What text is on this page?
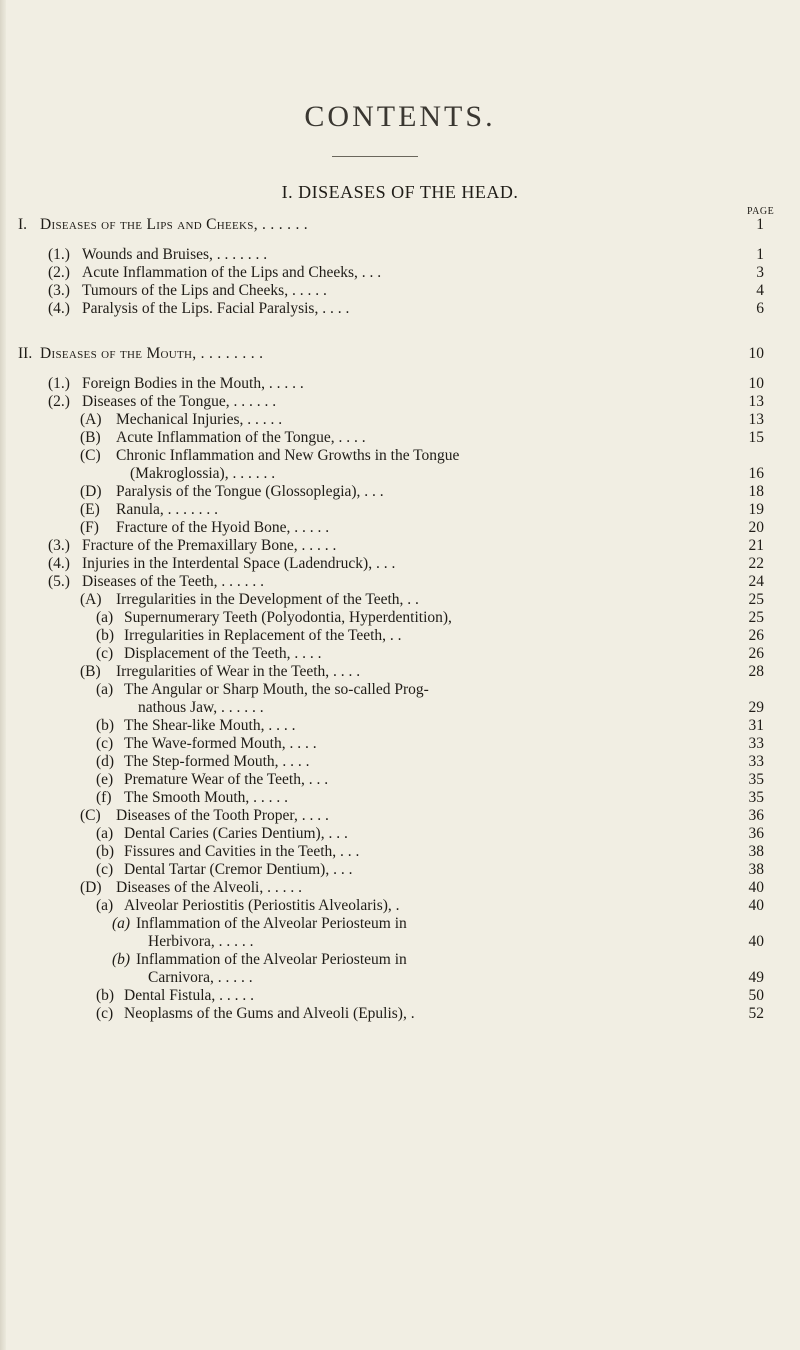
CONTENTS.
I. DISEASES OF THE HEAD.
PAGE
I. Diseases of the Lips and Cheeks, . . . . . .	1
(1.) Wounds and Bruises, . . . . . . .	1
(2.) Acute Inflammation of the Lips and Cheeks, . . .	3
(3.) Tumours of the Lips and Cheeks, . . . . .	4
(4.) Paralysis of the Lips. Facial Paralysis, . . . .	6
II. Diseases of the Mouth, . . . . . . . .	10
(1.) Foreign Bodies in the Mouth, . . . . .	10
(2.) Diseases of the Tongue, . . . . . .	13
(A) Mechanical Injuries, . . . . .	13
(B) Acute Inflammation of the Tongue, . . . .	15
(C) Chronic Inflammation and New Growths in the Tongue
(Makroglossia), . . . . . .	16
(D) Paralysis of the Tongue (Glossoplegia), . . .	18
(E) Ranula, . . . . . . .	19
(F) Fracture of the Hyoid Bone, . . . . .	20
(3.) Fracture of the Premaxillary Bone, . . . . .	21
(4.) Injuries in the Interdental Space (Ladendruck), . . .	22
(5.) Diseases of the Teeth, . . . . . .	24
(A) Irregularities in the Development of the Teeth, . .	25
(a) Supernumerary Teeth (Polyodontia, Hyperdentition),	25
(b) Irregularities in Replacement of the Teeth, . .	26
(c) Displacement of the Teeth, . . . .	26
(B) Irregularities of Wear in the Teeth, . . . .	28
(a) The Angular or Sharp Mouth, the so-called Prog-
nathous Jaw, . . . . . .	29
(b) The Shear-like Mouth, . . . .	31
(c) The Wave-formed Mouth, . . . .	33
(d) The Step-formed Mouth, . . . .	33
(e) Premature Wear of the Teeth, . . .	35
(f) The Smooth Mouth, . . . . .	35
(C) Diseases of the Tooth Proper, . . . .	36
(a) Dental Caries (Caries Dentium), . . .	36
(b) Fissures and Cavities in the Teeth, . . .	38
(c) Dental Tartar (Cremor Dentium), . . .	38
(D) Diseases of the Alveoli, . . . . .	40
(a) Alveolar Periostitis (Periostitis Alveolaris), .	40
(a) Inflammation of the Alveolar Periosteum in
Herbivora, . . . . .	40
(b) Inflammation of the Alveolar Periosteum in
Carnivora, . . . . .	49
(b) Dental Fistula, . . . . .	50
(c) Neoplasms of the Gums and Alveoli (Epulis), .	52
